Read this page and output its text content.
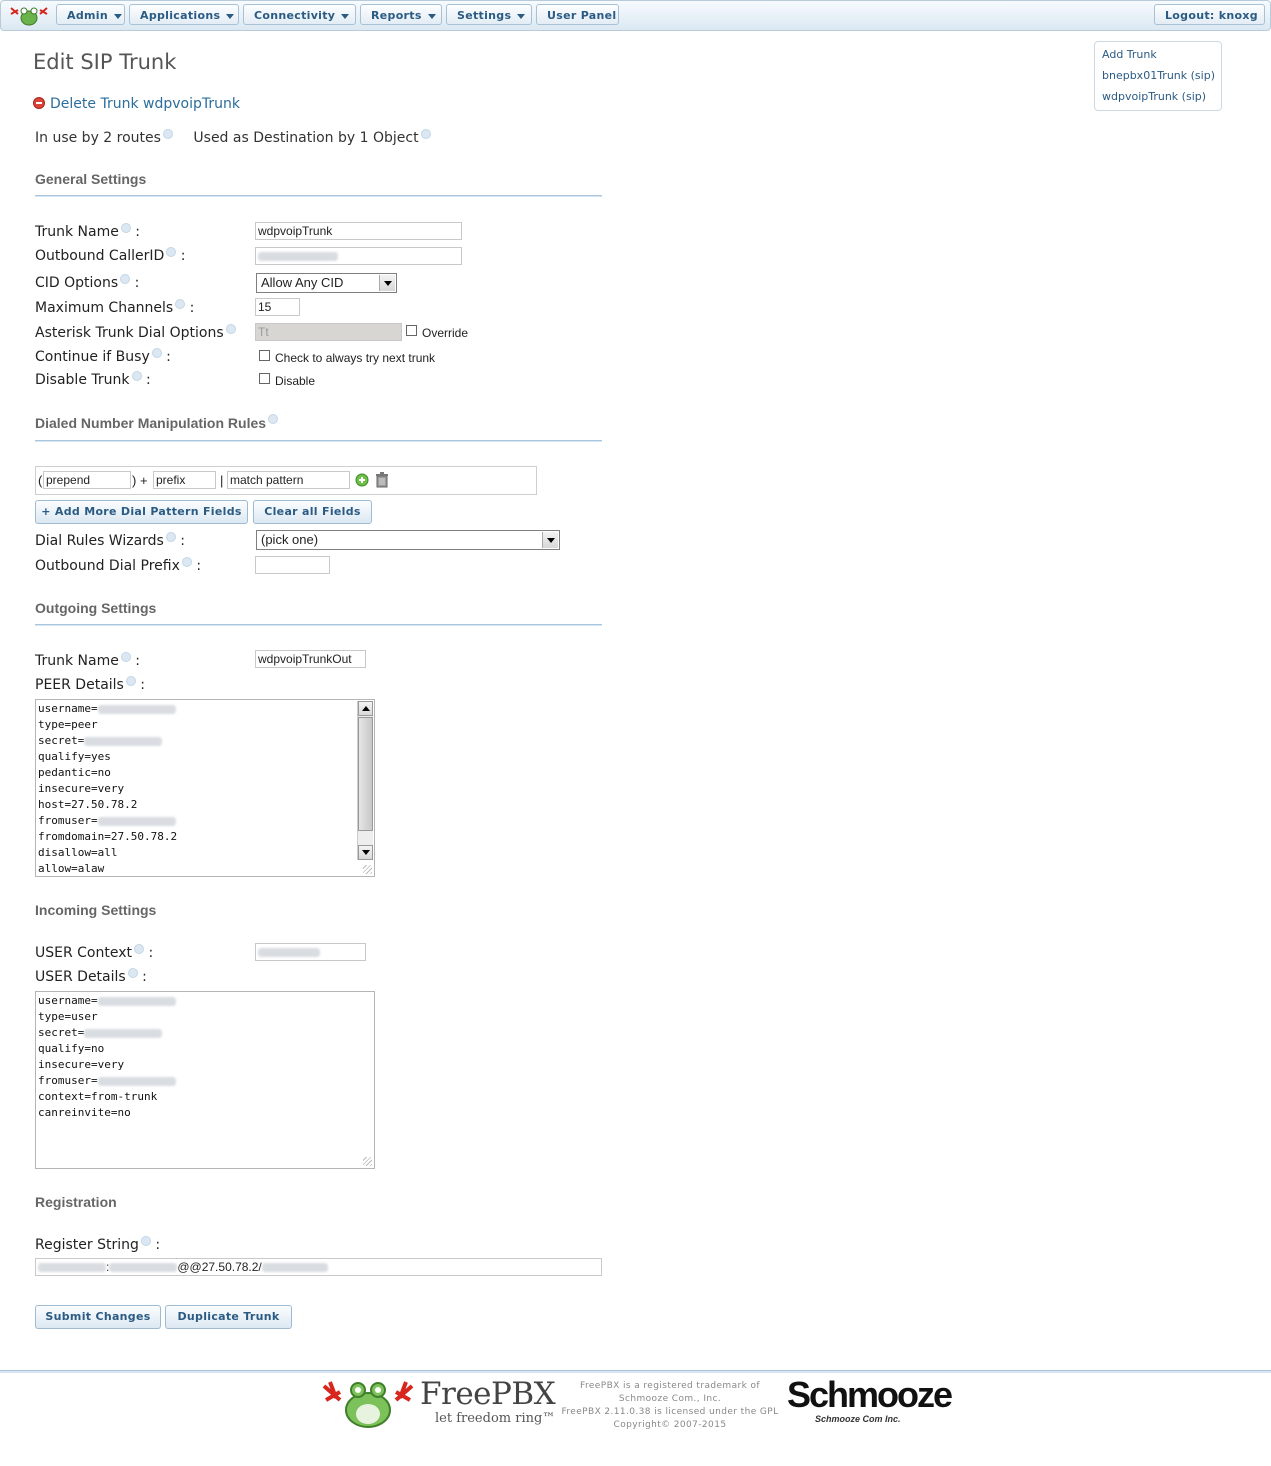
Admin	Applications	Connectivity	Reports	Settings	User Panel	Logout: knoxg
Add Trunk
bnepbx01Trunk (sip)
wdpvoipTrunk (sip)
Edit SIP Trunk
Delete Trunk wdpvoipTrunk
In use by 2 routes Used as Destination by 1 Object
General Settings
Trunk Name :	wdpvoipTrunk
Outbound CallerID :
CID Options :	Allow Any CID
Maximum Channels :	15
Asterisk Trunk Dial Options	Tt	Override
Continue if Busy :	Check to always try next trunk
Disable Trunk :	Disable
Dialed Number Manipulation Rules
( prepend	) + prefix	| match pattern
+ Add More Dial Pattern Fields	Clear all Fields
Dial Rules Wizards :	(pick one)
Outbound Dial Prefix :
Outgoing Settings
Trunk Name :	wdpvoipTrunkOut
PEER Details :
username=
type=peer
secret=
qualify=yes
pedantic=no
insecure=very
host=27.50.78.2
fromuser=
fromdomain=27.50.78.2
disallow=all
allow=alaw
Incoming Settings
USER Context :
USER Details :
username=
type=user
secret=
qualify=no
insecure=very
fromuser=
context=from-trunk
canreinvite=no
Registration
Register String :
:	@@27.50.78.2/
Submit Changes	Duplicate Trunk
FreePBX
let freedom ring™
FreePBX is a registered trademark of
Schmooze Com., Inc.
FreePBX 2.11.0.38 is licensed under the GPL
Copyright© 2007-2015
Schmooze
Schmooze Com Inc.
